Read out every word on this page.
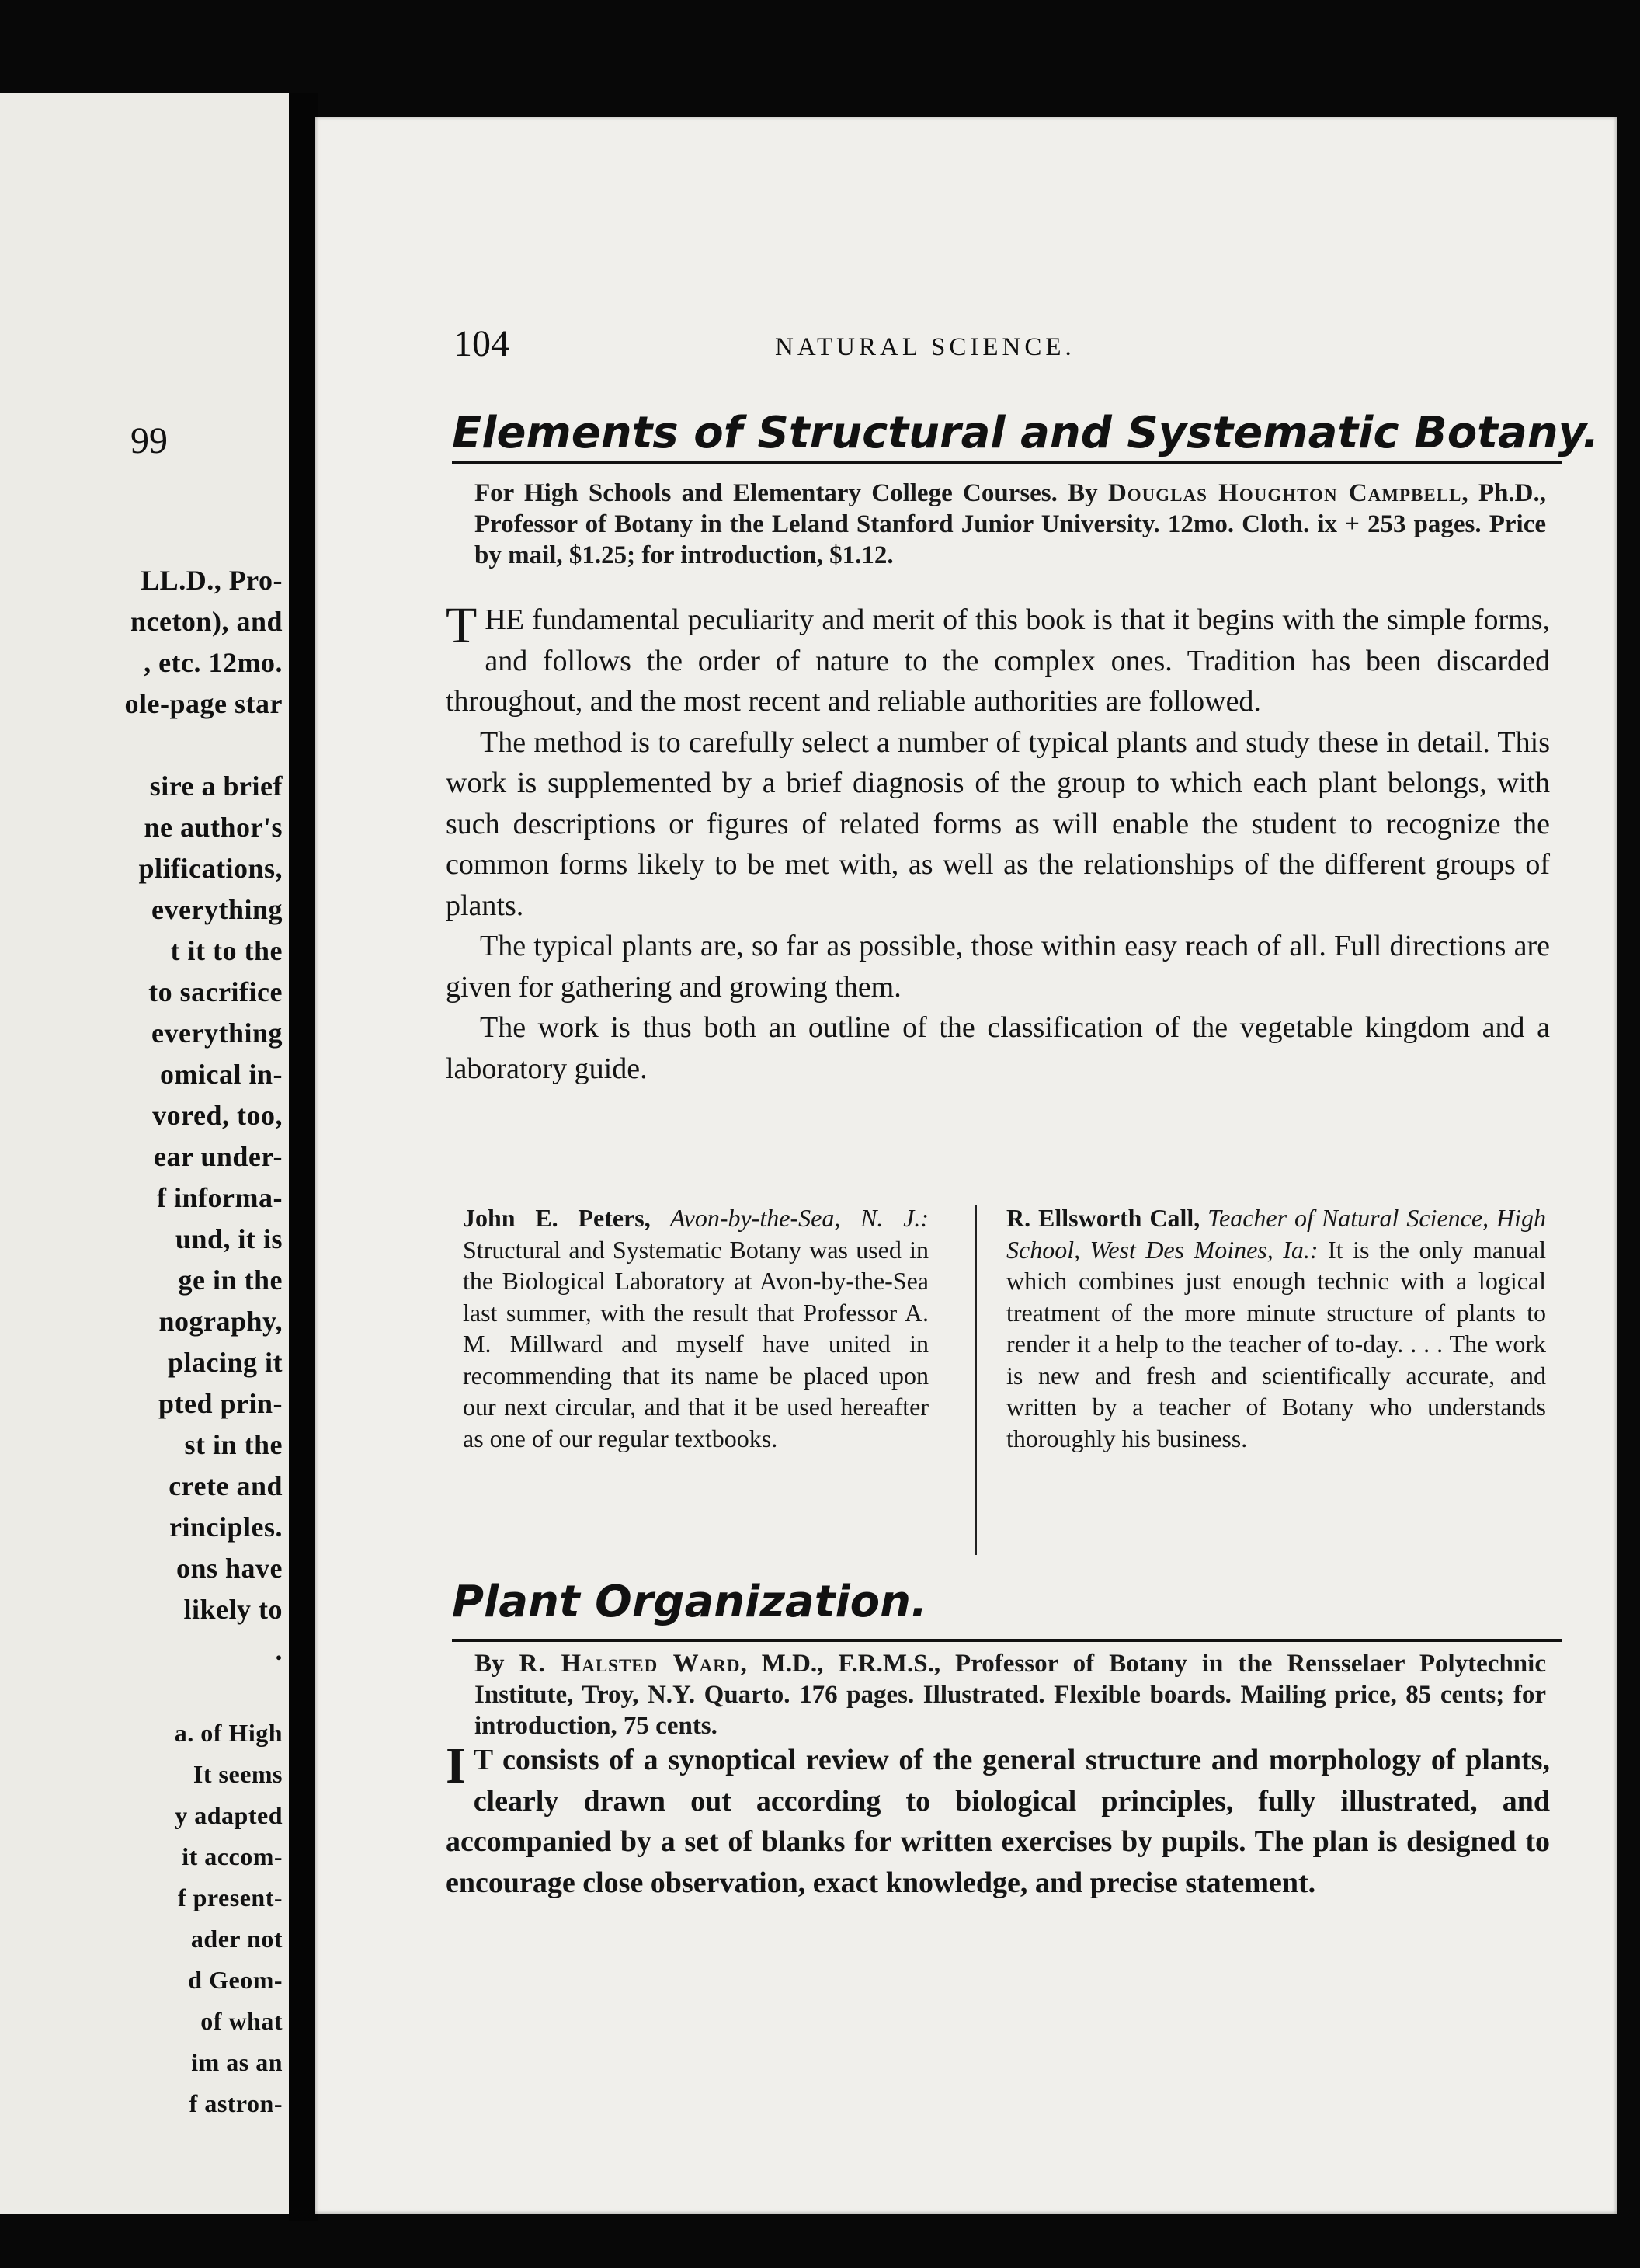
99
LL.D., Pro-
nceton), and
, etc. 12mo.
ole-page star
sire a brief
ne author's
plifications,
everything
t it to the
to sacrifice
everything
omical in-
vored, too,
ear under-
f informa-
und, it is
ge in the
nography,
placing it
pted prin-
st in the
crete and
rinciples.
ons have
likely to
.
a. of High
It seems
y adapted
it accom-
f present-
ader not
d Geom-
of what
im as an
f astron-
104	NATURAL SCIENCE.
Elements of Structural and Systematic Botany.
For High Schools and Elementary College Courses. By Douglas Houghton Campbell, Ph.D., Professor of Botany in the Leland Stanford Junior University. 12mo. Cloth. ix + 253 pages. Price by mail, $1.25; for introduction, $1.12.

THE fundamental peculiarity and merit of this book is that it begins with the simple forms, and follows the order of nature to the complex ones. Tradition has been discarded throughout, and the most recent and reliable authorities are followed.

The method is to carefully select a number of typical plants and study these in detail. This work is supplemented by a brief diagnosis of the group to which each plant belongs, with such descriptions or figures of related forms as will enable the student to recognize the common forms likely to be met with, as well as the relationships of the different groups of plants.

The typical plants are, so far as possible, those within easy reach of all. Full directions are given for gathering and growing them.

The work is thus both an outline of the classification of the vegetable kingdom and a laboratory guide.

John E. Peters, Avon-by-the-Sea, N. J.: Structural and Systematic Botany was used in the Biological Laboratory at Avon-by-the-Sea last summer, with the result that Professor A. M. Millward and myself have united in recommending that its name be placed upon our next circular, and that it be used hereafter as one of our regular textbooks.
R. Ellsworth Call, Teacher of Natural Science, High School, West Des Moines, Ia.: It is the only manual which combines just enough technic with a logical treatment of the more minute structure of plants to render it a help to the teacher of to-day. . . . The work is new and fresh and scientifically accurate, and written by a teacher of Botany who understands thoroughly his business.
Plant Organization.
By R. Halsted Ward, M.D., F.R.M.S., Professor of Botany in the Rensselaer Polytechnic Institute, Troy, N.Y. Quarto. 176 pages. Illustrated. Flexible boards. Mailing price, 85 cents; for introduction, 75 cents.

I T consists of a synoptical review of the general structure and morphology of plants, clearly drawn out according to biological principles, fully illustrated, and accompanied by a set of blanks for written exercises by pupils. The plan is designed to encourage close observation, exact knowledge, and precise statement.
